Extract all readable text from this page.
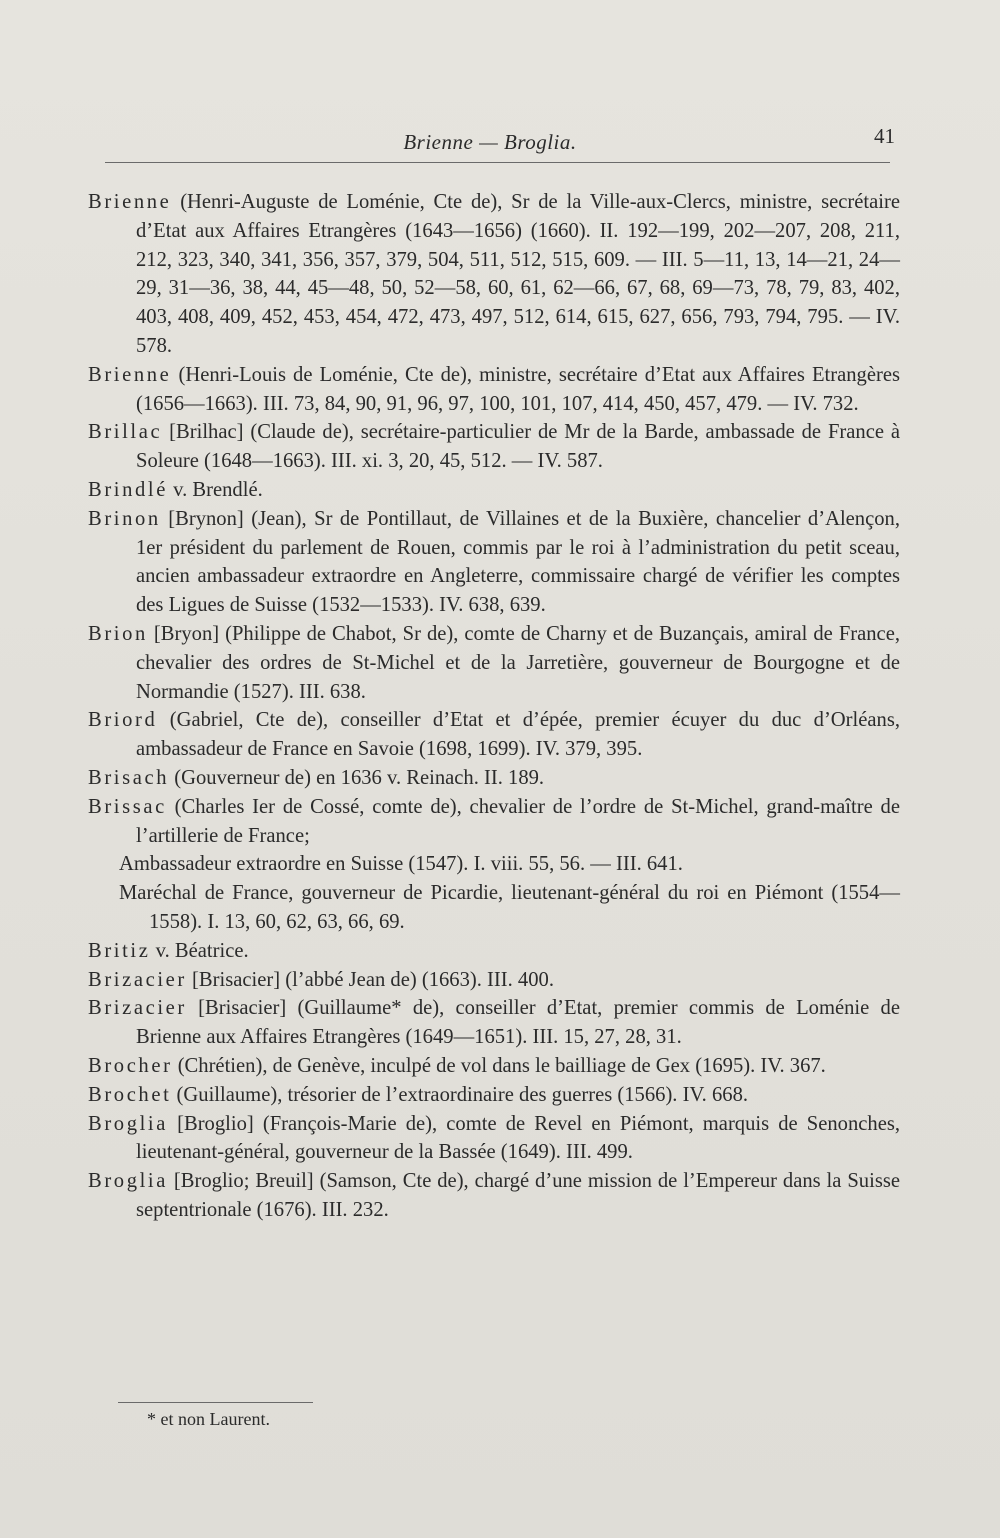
Brienne — Broglia.	41

Brienne (Henri-Auguste de Loménie, Cte de), Sr de la Ville-aux-Clercs, ministre, secrétaire d’Etat aux Affaires Etrangères (1643—1656) (1660). II. 192—199, 202—207, 208, 211, 212, 323, 340, 341, 356, 357, 379, 504, 511, 512, 515, 609. — III. 5—11, 13, 14—21, 24—29, 31—36, 38, 44, 45—48, 50, 52—58, 60, 61, 62—66, 67, 68, 69—73, 78, 79, 83, 402, 403, 408, 409, 452, 453, 454, 472, 473, 497, 512, 614, 615, 627, 656, 793, 794, 795. — IV. 578.

Brienne (Henri-Louis de Loménie, Cte de), ministre, secrétaire d’Etat aux Affaires Etrangères (1656—1663). III. 73, 84, 90, 91, 96, 97, 100, 101, 107, 414, 450, 457, 479. — IV. 732.

Brillac [Brilhac] (Claude de), secrétaire-particulier de Mr de la Barde, ambassade de France à Soleure (1648—1663). III. xi. 3, 20, 45, 512. — IV. 587.

Brindlé v. Brendlé.

Brinon [Brynon] (Jean), Sr de Pontillaut, de Villaines et de la Buxière, chancelier d’Alençon, 1er président du parlement de Rouen, commis par le roi à l’administration du petit sceau, ancien ambassadeur extraordre en Angleterre, commissaire chargé de vérifier les comptes des Ligues de Suisse (1532—1533). IV. 638, 639.

Brion [Bryon] (Philippe de Chabot, Sr de), comte de Charny et de Buzançais, amiral de France, chevalier des ordres de St-Michel et de la Jarretière, gouverneur de Bourgogne et de Normandie (1527). III. 638.

Briord (Gabriel, Cte de), conseiller d’Etat et d’épée, premier écuyer du duc d’Orléans, ambassadeur de France en Savoie (1698, 1699). IV. 379, 395.

Brisach (Gouverneur de) en 1636 v. Reinach. II. 189.

Brissac (Charles Ier de Cossé, comte de), chevalier de l’ordre de St-Michel, grand-maître de l’artillerie de France;

Ambassadeur extraordre en Suisse (1547). I. viii. 55, 56. — III. 641.

Maréchal de France, gouverneur de Picardie, lieutenant-général du roi en Piémont (1554—1558). I. 13, 60, 62, 63, 66, 69.

Britiz v. Béatrice.

Brizacier [Brisacier] (l’abbé Jean de) (1663). III. 400.

Brizacier [Brisacier] (Guillaume* de), conseiller d’Etat, premier commis de Loménie de Brienne aux Affaires Etrangères (1649—1651). III. 15, 27, 28, 31.

Brocher (Chrétien), de Genève, inculpé de vol dans le bailliage de Gex (1695). IV. 367.

Brochet (Guillaume), trésorier de l’extraordinaire des guerres (1566). IV. 668.

Broglia [Broglio] (François-Marie de), comte de Revel en Piémont, marquis de Senonches, lieutenant-général, gouverneur de la Bassée (1649). III. 499.

Broglia [Broglio; Breuil] (Samson, Cte de), chargé d’une mission de l’Empereur dans la Suisse septentrionale (1676). III. 232.

* et non Laurent.
